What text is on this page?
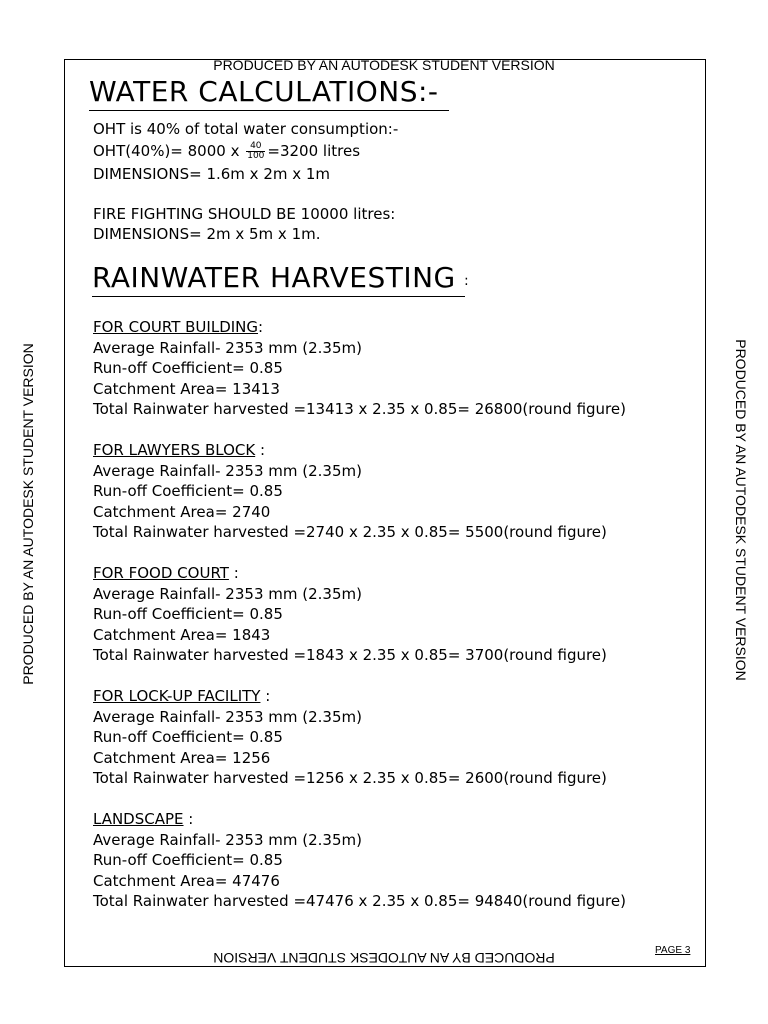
PRODUCED BY AN AUTODESK STUDENT VERSION
PRODUCED BY AN AUTODESK STUDENT VERSION
PRODUCED BY AN AUTODESK STUDENT VERSION	PRODUCED BY AN AUTODESK STUDENT VERSION
WATER CALCULATIONS:-
OHT is 40% of total water consumption:-
OHT(40%)= 8000 x $\frac{40}{100} =3200$ litres
DIMENSIONS= 1.6m x 2m x 1m
FIRE FIGHTING SHOULD BE 10000 litres:
DIMENSIONS= 2m x 5m x 1m.
RAINWATER HARVESTING :
FOR COURT BUILDING:
Average Rainfall- 2353 mm (2.35m)
Run-off Coefficient= 0.85
Catchment Area= 13413
Total Rainwater harvested =13413 x 2.35 x 0.85= 26800(round figure)
FOR LAWYERS BLOCK :
Average Rainfall- 2353 mm (2.35m)
Run-off Coefficient= 0.85
Catchment Area= 2740
Total Rainwater harvested =2740 x 2.35 x 0.85= 5500(round figure)
FOR FOOD COURT :
Average Rainfall- 2353 mm (2.35m)
Run-off Coefficient= 0.85
Catchment Area= 1843
Total Rainwater harvested =1843 x 2.35 x 0.85= 3700(round figure)
FOR LOCK-UP FACILITY :
Average Rainfall- 2353 mm (2.35m)
Run-off Coefficient= 0.85
Catchment Area= 1256
Total Rainwater harvested =1256 x 2.35 x 0.85= 2600(round figure)
LANDSCAPE :
Average Rainfall- 2353 mm (2.35m)
Run-off Coefficient= 0.85
Catchment Area= 47476
Total Rainwater harvested =47476 x 2.35 x 0.85= 94840(round figure)
PAGE 3
